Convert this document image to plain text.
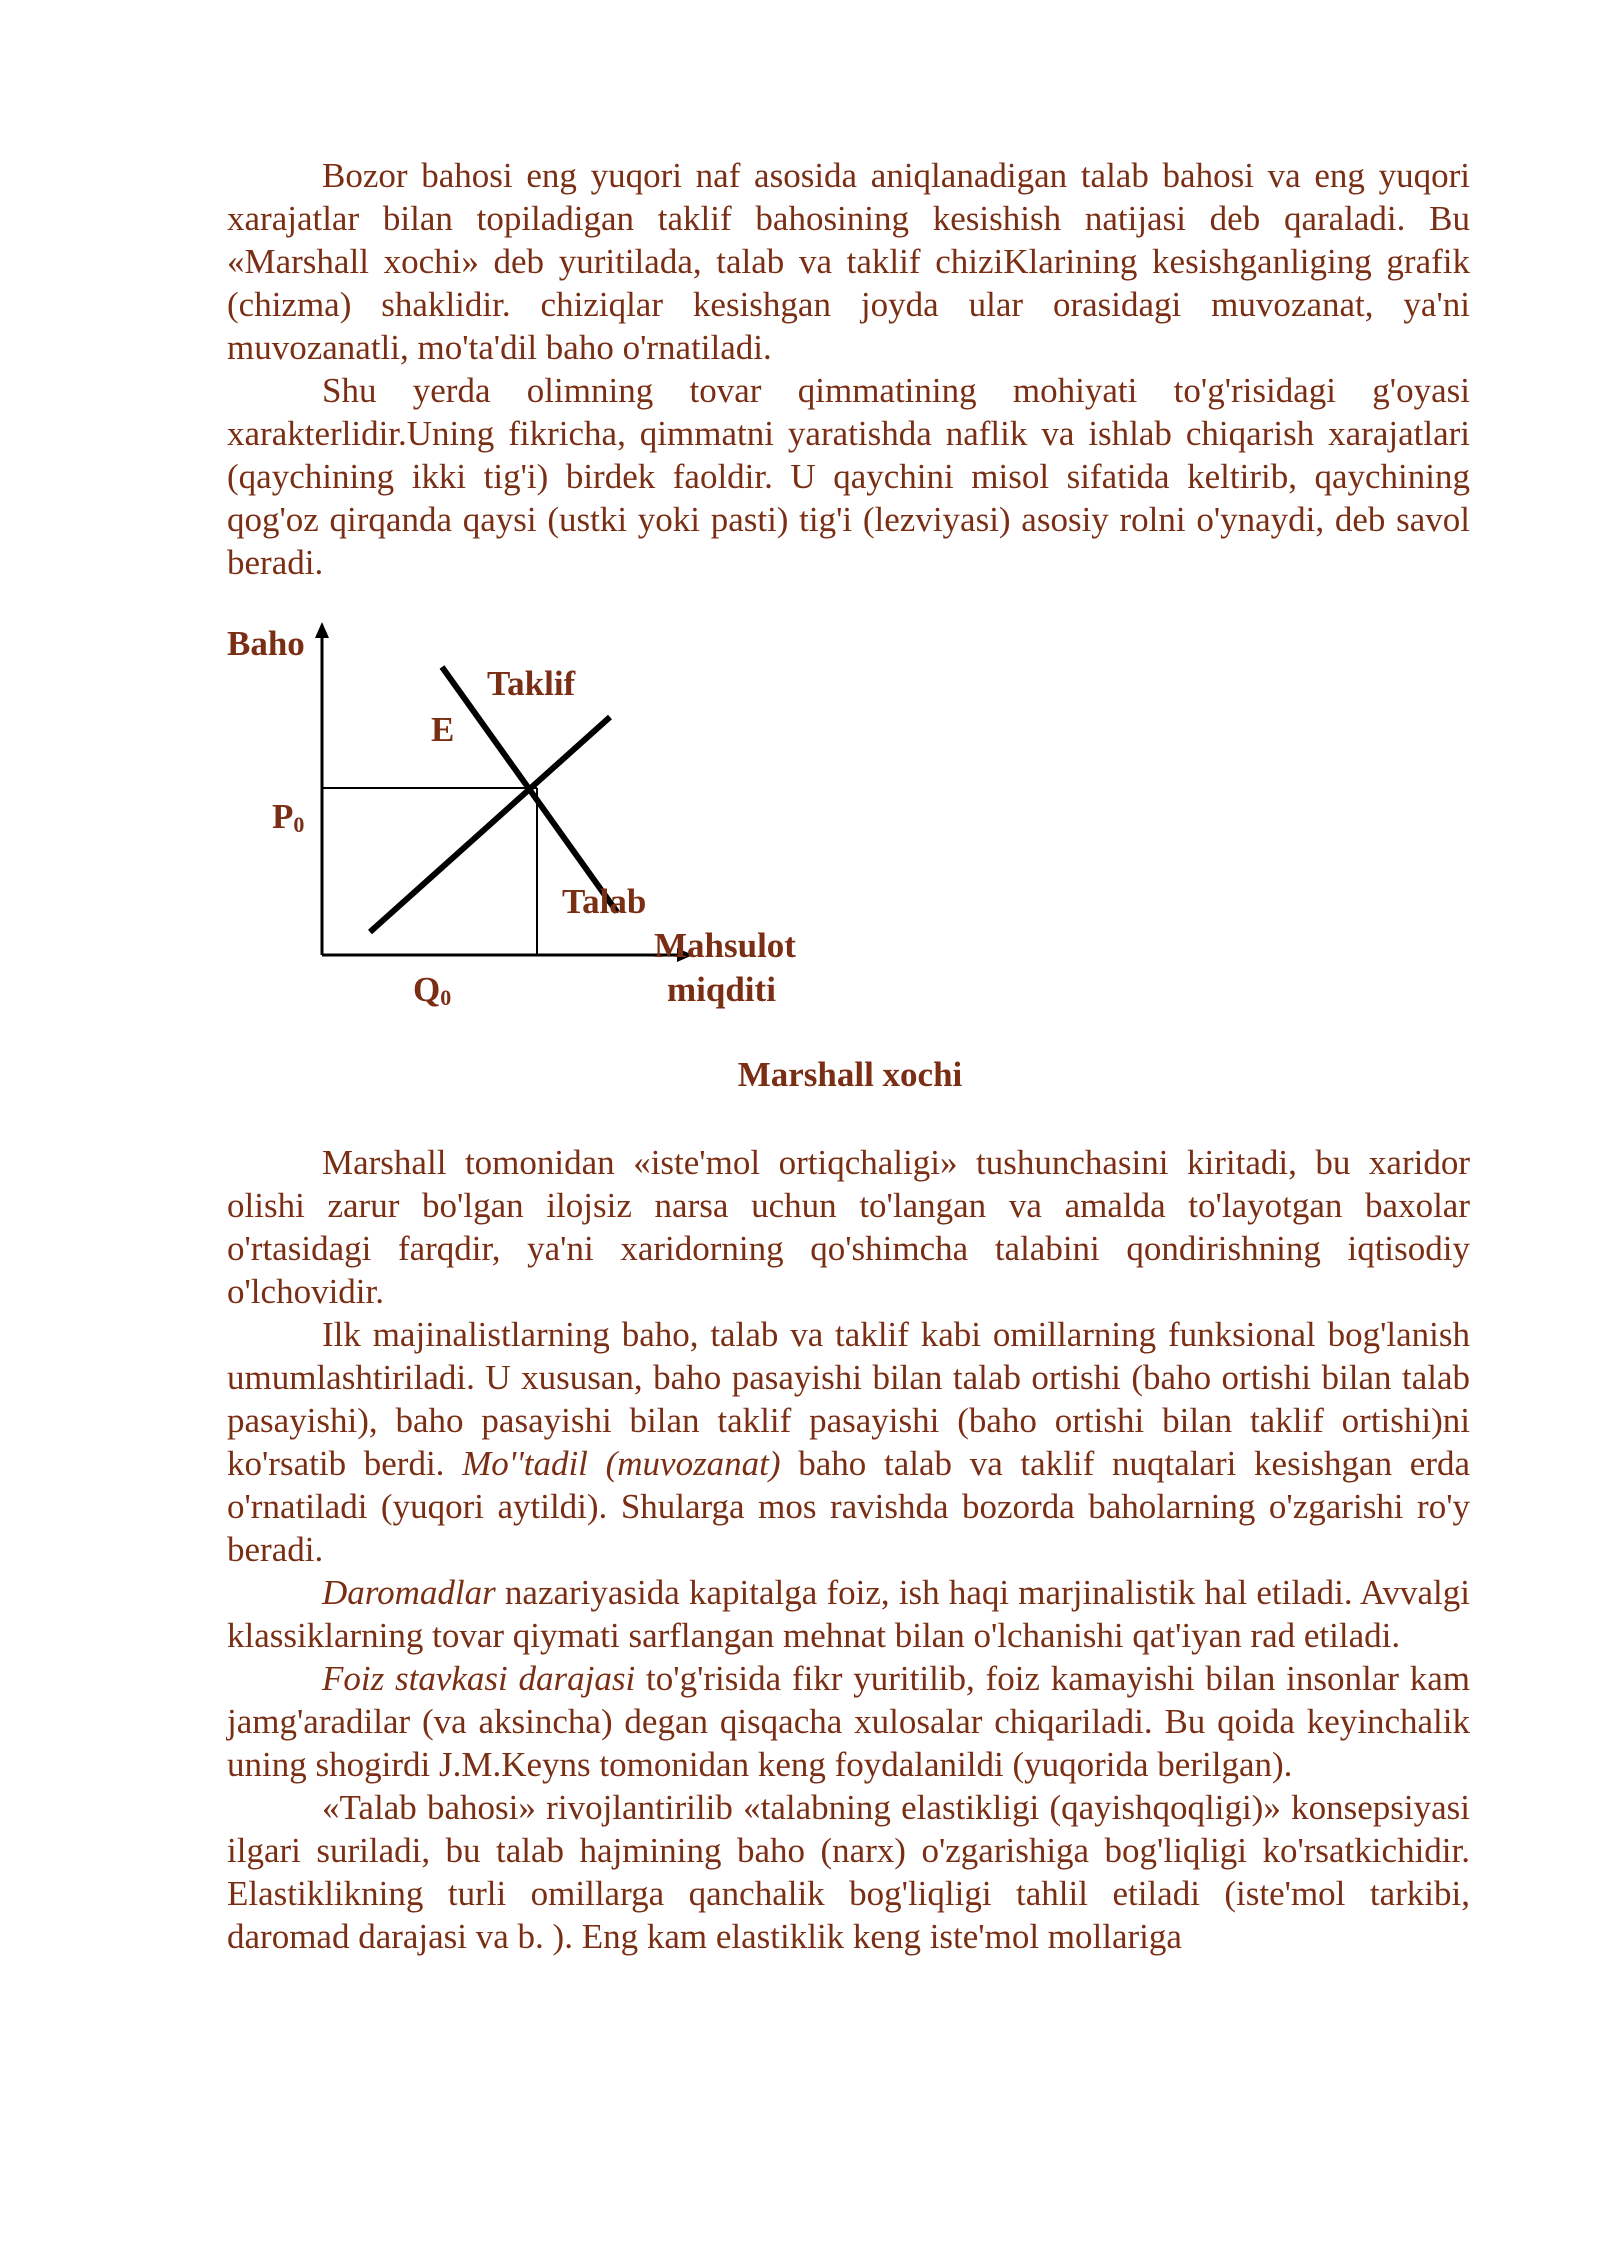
Bozor bahosi eng yuqori naf asosida aniqlanadigan talab bahosi va eng yuqori xarajatlar bilan topiladigan taklif bahosining kesishish natijasi deb qaraladi. Bu «Marshall xochi» deb yuritilada, talab va taklif chiziKlarining kesishganliging grafik (chizma) shaklidir. chiziqlar kesishgan joyda ular orasidagi muvozanat, ya'ni muvozanatli, mo'ta'dil baho o'rnatiladi.

Shu yerda olimning tovar qimmatining mohiyati to'g'risidagi g'oyasi xarakterlidir.Uning fikricha, qimmatni yaratishda naflik va ishlab chiqarish xarajatlari (qaychining ikki tig'i) birdek faoldir. U qaychini misol sifatida keltirib, qaychining qog'oz qirqanda qaysi (ustki yoki pasti) tig'i (lezviyasi) asosiy rolni o'ynaydi, deb savol beradi.

Baho
Taklif
E
$P_0$
Talab
Mahsulot
$Q_0$	miqditi
Marshall xochi

Marshall tomonidan «iste'mol ortiqchaligi» tushunchasini kiritadi, bu xaridor olishi zarur bo'lgan ilojsiz narsa uchun to'langan va amalda to'layotgan baxolar o'rtasidagi farqdir, ya'ni xaridorning qo'shimcha talabini qondirishning iqtisodiy o'lchovidir.

Ilk majinalistlarning baho, talab va taklif kabi omillarning funksional bog'lanish umumlashtiriladi. U xususan, baho pasayishi bilan talab ortishi (baho ortishi bilan talab pasayishi), baho pasayishi bilan taklif pasayishi (baho ortishi bilan taklif ortishi)ni ko'rsatib berdi. Mo''tadil (muvozanat) baho talab va taklif nuqtalari kesishgan erda o'rnatiladi (yuqori aytildi). Shularga mos ravishda bozorda baholarning o'zgarishi ro'y beradi.

Daromadlar nazariyasida kapitalga foiz, ish haqi marjinalistik hal etiladi. Avvalgi klassiklarning tovar qiymati sarflangan mehnat bilan o'lchanishi qat'iyan rad etiladi.

Foiz stavkasi darajasi to'g'risida fikr yuritilib, foiz kamayishi bilan insonlar kam jamg'aradilar (va aksincha) degan qisqacha xulosalar chiqariladi. Bu qoida keyinchalik uning shogirdi J.M.Keyns tomonidan keng foydalanildi (yuqorida berilgan).

«Talab bahosi» rivojlantirilib «talabning elastikligi (qayishqoqligi)» konsepsiyasi ilgari suriladi, bu talab hajmining baho (narx) o'zgarishiga bog'liqligi ko'rsatkichidir. Elastiklikning turli omillarga qanchalik bog'liqligi tahlil etiladi (iste'mol tarkibi, daromad darajasi va b. ). Eng kam elastiklik keng iste'mol mollariga
